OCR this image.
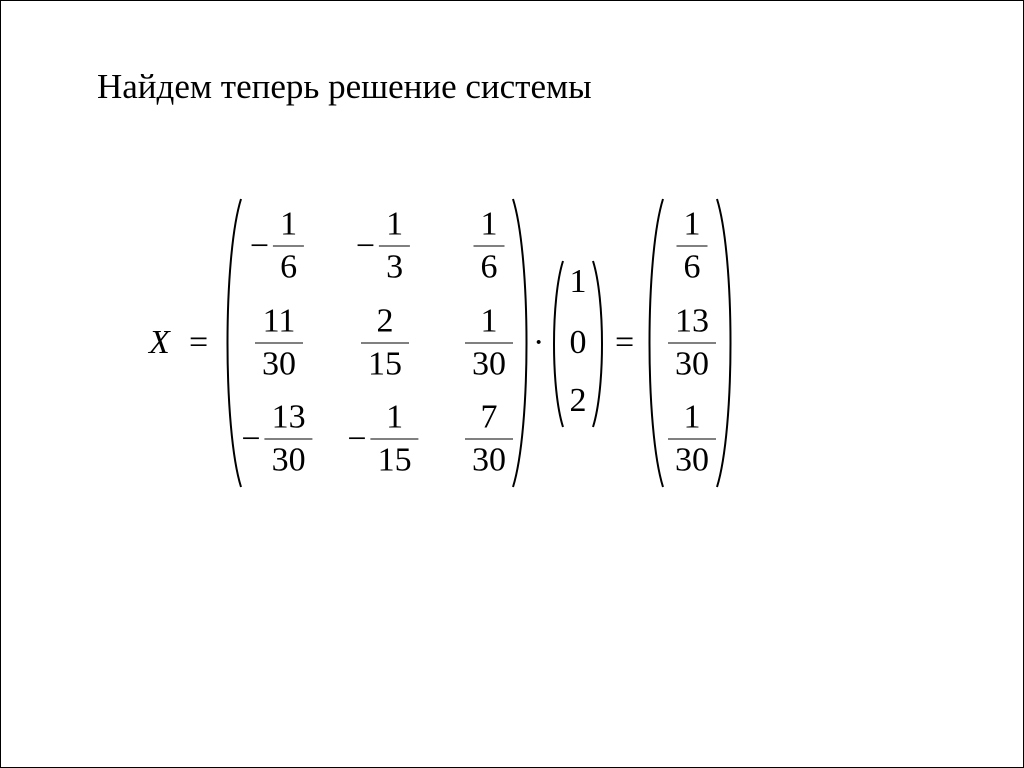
Найдем теперь решение системы
X =
− $\frac{1}{6} - \frac{1}{3} \frac{1}{6}$
$\frac{11}{30} \frac{2}{15} \frac{1}{30}$
− $\frac{13}{30} - \frac{1}{15} \frac{7}{30}$
·
1
0
2
=
$\frac{1}{6}$
$\frac{13}{30}$
$\frac{1}{30}$
